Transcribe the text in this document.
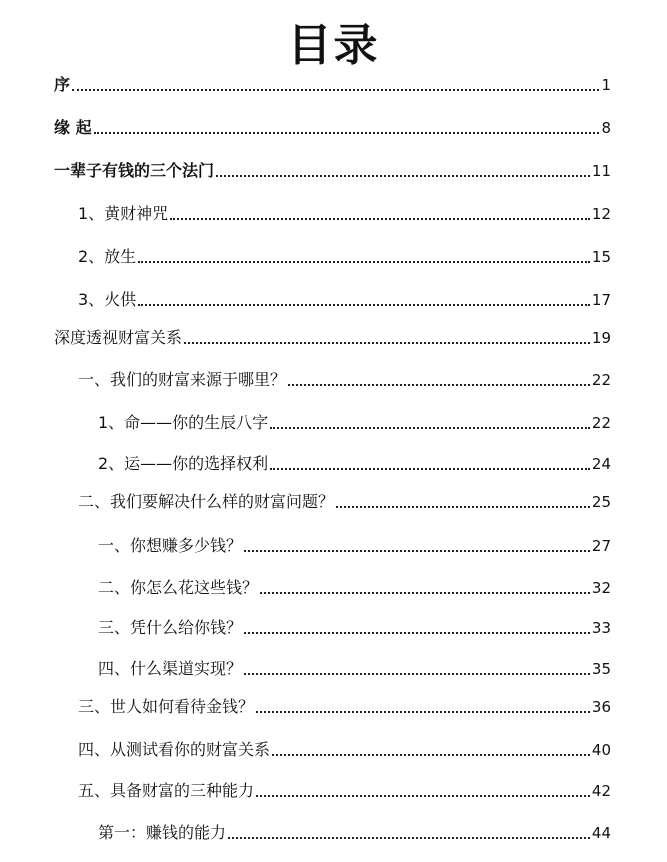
目录
序	1
缘 起	8
一辈子有钱的三个法门	11
1、黄财神咒	12
2、放生	15
3、火供	17
深度透视财富关系	19
一、我们的财富来源于哪里？	22
1、命——你的生辰八字	22
2、运——你的选择权利	24
二、我们要解决什么样的财富问题？	25
一、你想赚多少钱？	27
二、你怎么花这些钱？	32
三、凭什么给你钱？	33
四、什么渠道实现？	35
三、世人如何看待金钱？	36
四、从测试看你的财富关系	40
五、具备财富的三种能力	42
第一：赚钱的能力	44
